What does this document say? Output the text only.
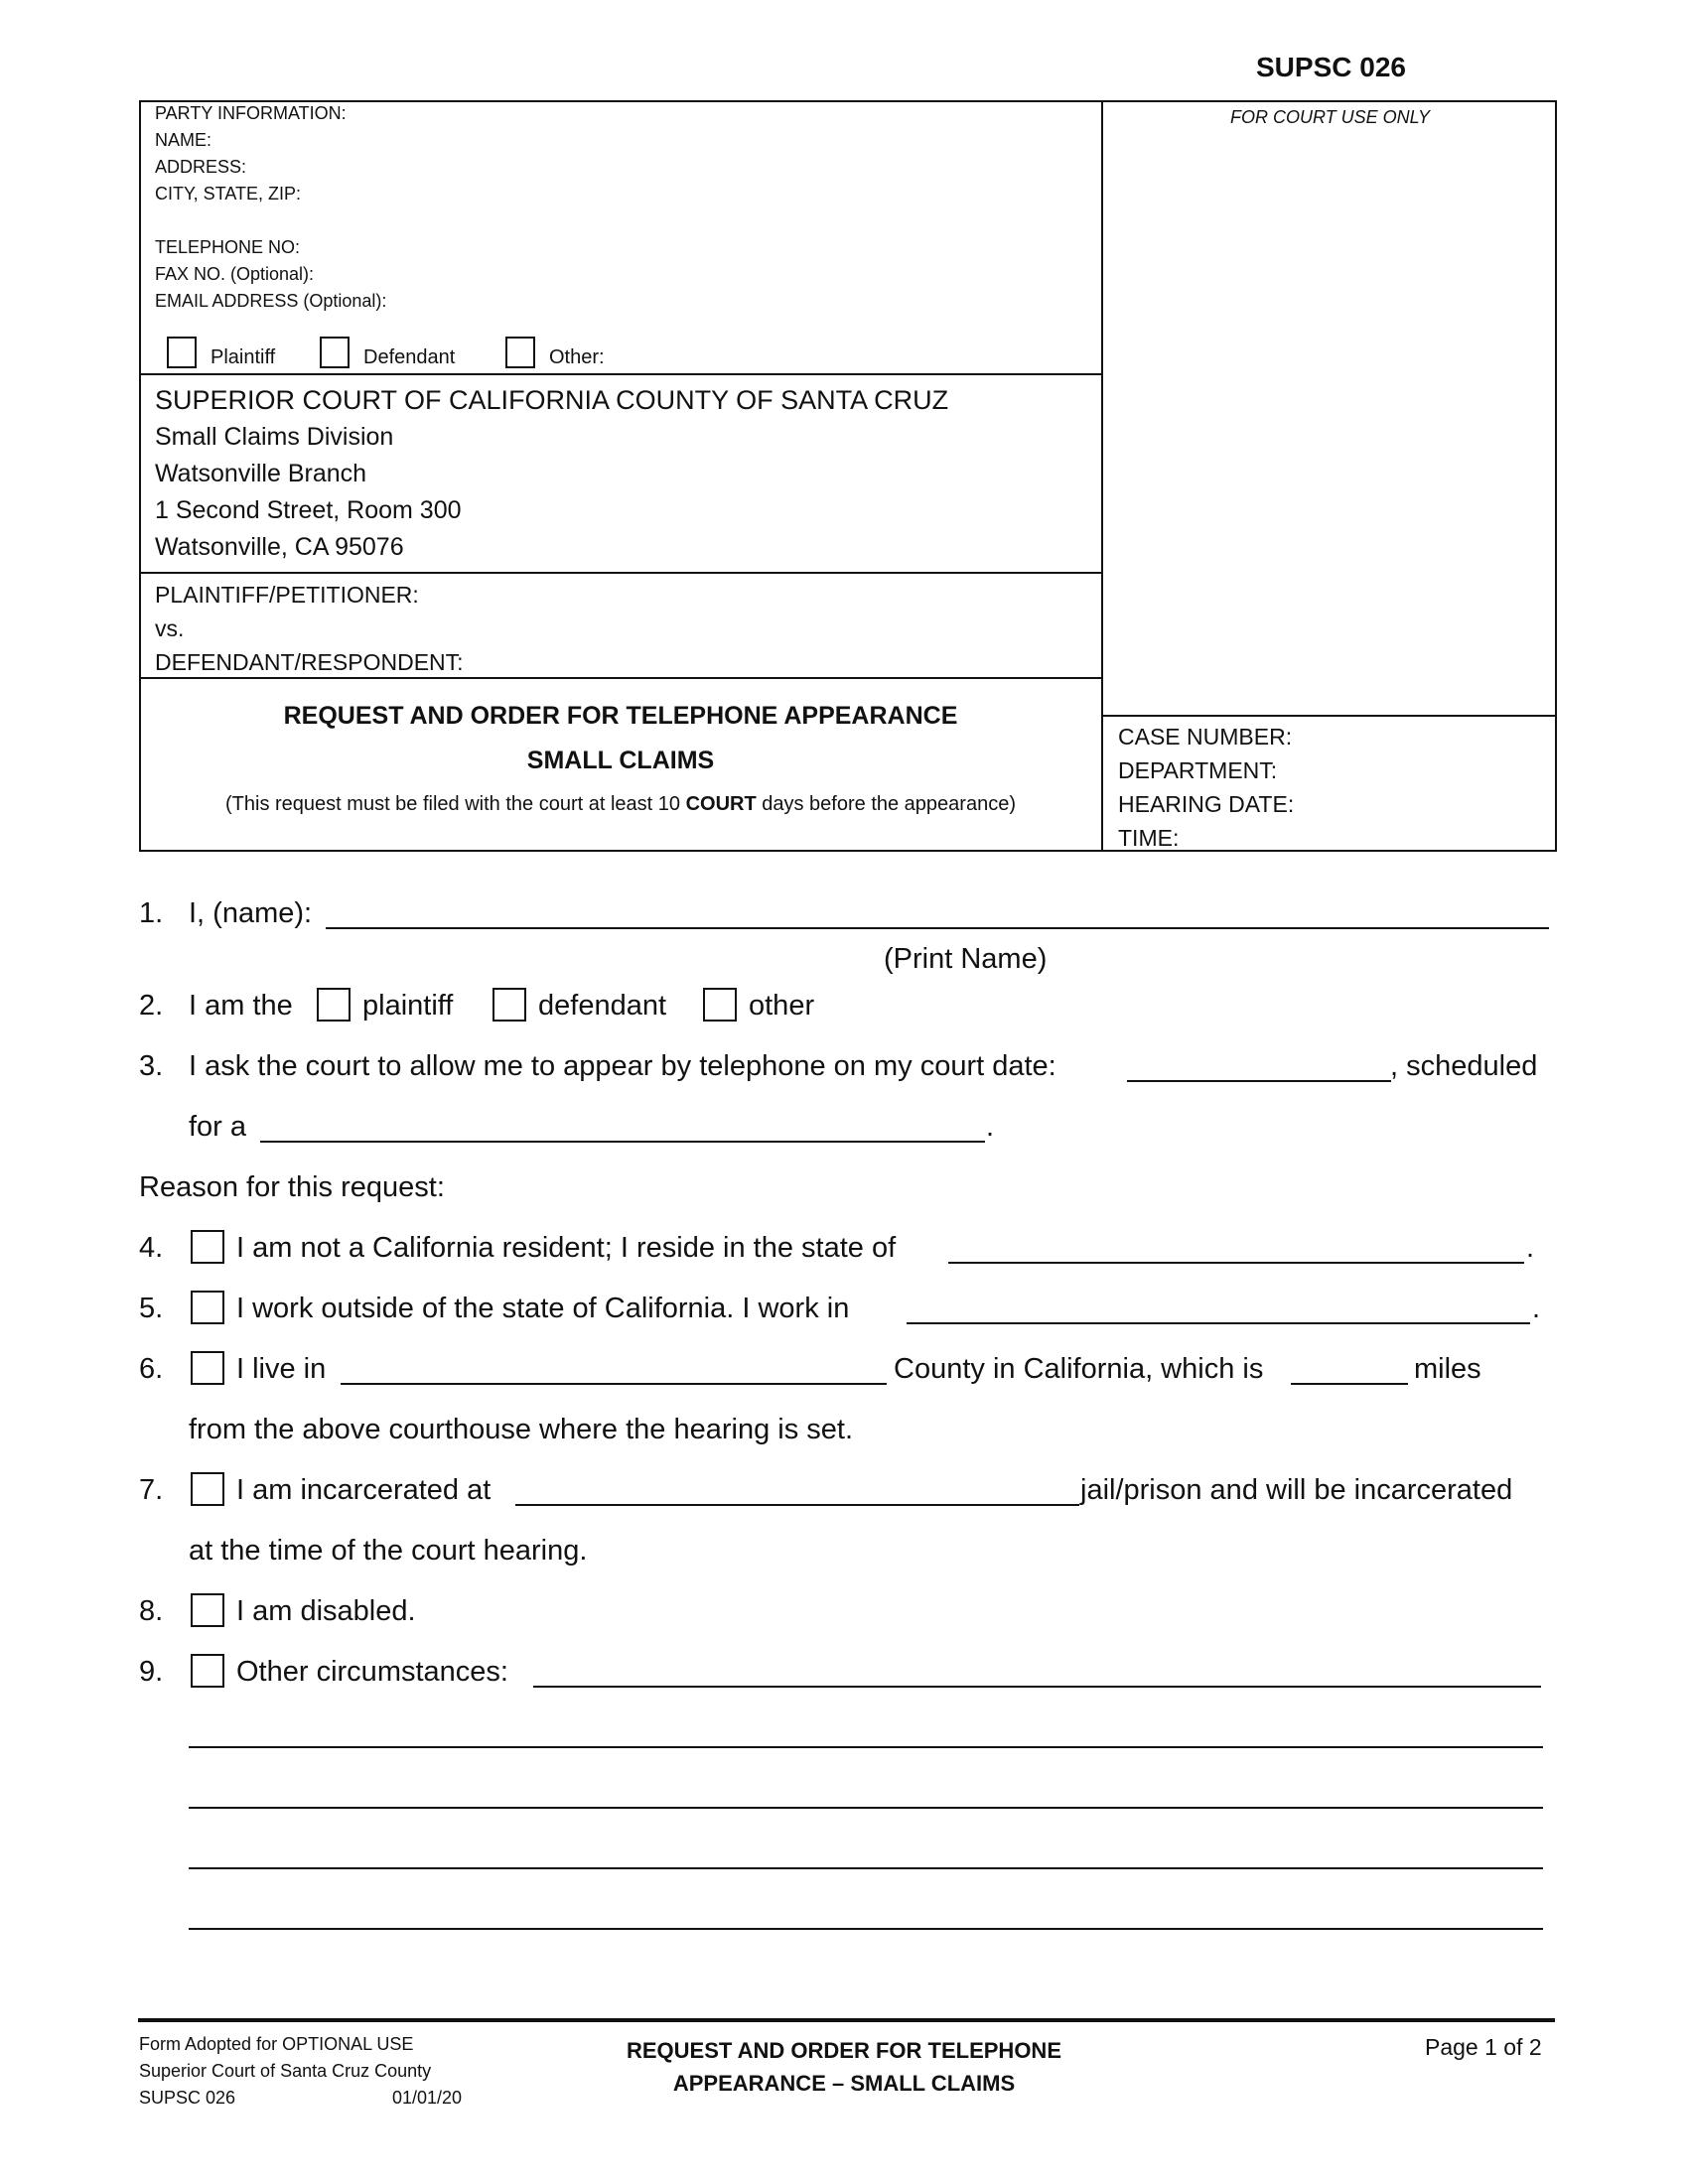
SUPSC 026
PARTY INFORMATION:
NAME:
ADDRESS:
CITY, STATE, ZIP:
TELEPHONE NO:
FAX NO. (Optional):
EMAIL ADDRESS (Optional):
Plaintiff	Defendant	Other:
FOR COURT USE ONLY
SUPERIOR COURT OF CALIFORNIA COUNTY OF SANTA CRUZ
Small Claims Division
Watsonville Branch
1 Second Street, Room 300
Watsonville, CA 95076
PLAINTIFF/PETITIONER:
vs.
DEFENDANT/RESPONDENT:
REQUEST AND ORDER FOR TELEPHONE APPEARANCE
SMALL CLAIMS
(This request must be filed with the court at least 10 COURT days before the appearance)
CASE NUMBER:
DEPARTMENT:
HEARING DATE:
TIME:
1. I, (name):
(Print Name)
2. I am the plaintiff	defendant	other
3. I ask the court to allow me to appear by telephone on my court date:	, scheduled
for a	.
Reason for this request:
4.	I am not a California resident; I reside in the state of	.
5.	I work outside of the state of California. I work in	.
6.	I live in	County in California, which is	miles
from the above courthouse where the hearing is set.
7.	I am incarcerated at	jail/prison and will be incarcerated
at the time of the court hearing.
8.	I am disabled.
9.	Other circumstances:
Form Adopted for OPTIONAL USE
Superior Court of Santa Cruz County
SUPSC 026	01/01/20
REQUEST AND ORDER FOR TELEPHONE
APPEARANCE – SMALL CLAIMS
Page 1 of 2
